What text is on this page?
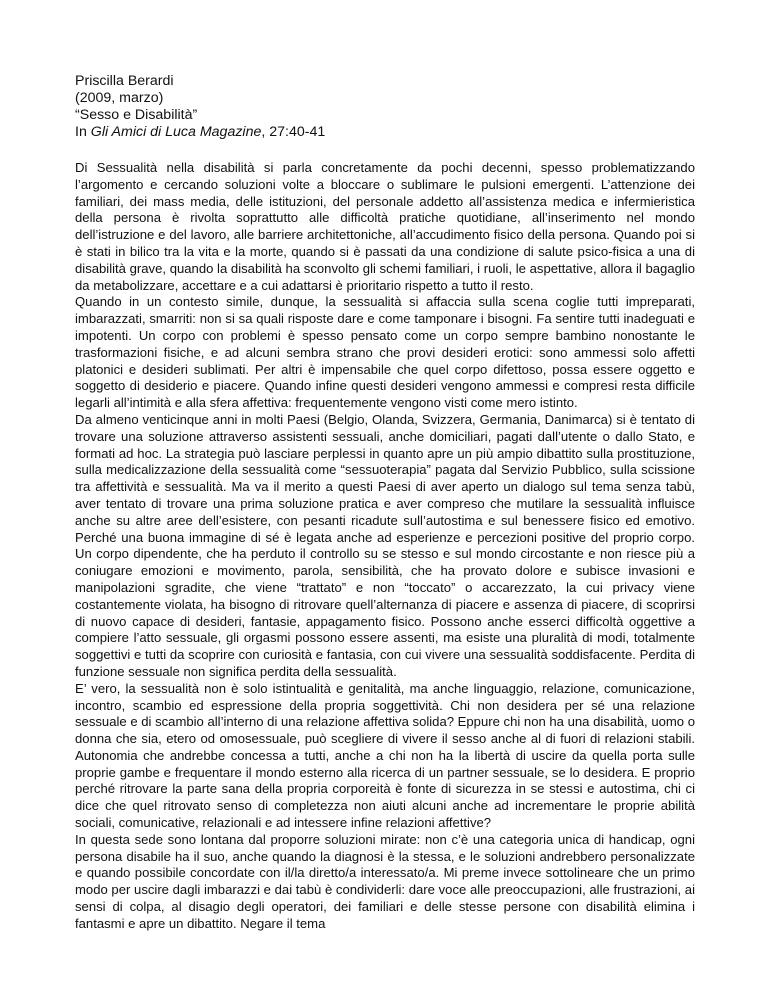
Priscilla Berardi
(2009, marzo)
“Sesso e Disabilità”
In Gli Amici di Luca Magazine, 27:40-41

Di Sessualità nella disabilità si parla concretamente da pochi decenni, spesso problematizzando l’argomento e cercando soluzioni volte a bloccare o sublimare le pulsioni emergenti. L’attenzione dei familiari, dei mass media, delle istituzioni, del personale addetto all’assistenza medica e infermieristica della persona è rivolta soprattutto alle difficoltà pratiche quotidiane, all’inserimento nel mondo dell’istruzione e del lavoro, alle barriere architettoniche, all’accudimento fisico della persona. Quando poi si è stati in bilico tra la vita e la morte, quando si è passati da una condizione di salute psico-fisica a una di disabilità grave, quando la disabilità ha sconvolto gli schemi familiari, i ruoli, le aspettative, allora il bagaglio da metabolizzare, accettare e a cui adattarsi è prioritario rispetto a tutto il resto.

Quando in un contesto simile, dunque, la sessualità si affaccia sulla scena coglie tutti impreparati, imbarazzati, smarriti: non si sa quali risposte dare e come tamponare i bisogni. Fa sentire tutti inadeguati e impotenti. Un corpo con problemi è spesso pensato come un corpo sempre bambino nonostante le trasformazioni fisiche, e ad alcuni sembra strano che provi desideri erotici: sono ammessi solo affetti platonici e desideri sublimati. Per altri è impensabile che quel corpo difettoso, possa essere oggetto e soggetto di desiderio e piacere. Quando infine questi desideri vengono ammessi e compresi resta difficile legarli all’intimità e alla sfera affettiva: frequentemente vengono visti come mero istinto.

Da almeno venticinque anni in molti Paesi (Belgio, Olanda, Svizzera, Germania, Danimarca) si è tentato di trovare una soluzione attraverso assistenti sessuali, anche domiciliari, pagati dall’utente o dallo Stato, e formati ad hoc. La strategia può lasciare perplessi in quanto apre un più ampio dibattito sulla prostituzione, sulla medicalizzazione della sessualità come “sessuoterapia” pagata dal Servizio Pubblico, sulla scissione tra affettività e sessualità. Ma va il merito a questi Paesi di aver aperto un dialogo sul tema senza tabù, aver tentato di trovare una prima soluzione pratica e aver compreso che mutilare la sessualità influisce anche su altre aree dell’esistere, con pesanti ricadute sull’autostima e sul benessere fisico ed emotivo. Perché una buona immagine di sé è legata anche ad esperienze e percezioni positive del proprio corpo. Un corpo dipendente, che ha perduto il controllo su se stesso e sul mondo circostante e non riesce più a coniugare emozioni e movimento, parola, sensibilità, che ha provato dolore e subisce invasioni e manipolazioni sgradite, che viene “trattato” e non “toccato” o accarezzato, la cui privacy viene costantemente violata, ha bisogno di ritrovare quell’alternanza di piacere e assenza di piacere, di scoprirsi di nuovo capace di desideri, fantasie, appagamento fisico. Possono anche esserci difficoltà oggettive a compiere l’atto sessuale, gli orgasmi possono essere assenti, ma esiste una pluralità di modi, totalmente soggettivi e tutti da scoprire con curiosità e fantasia, con cui vivere una sessualità soddisfacente. Perdita di funzione sessuale non significa perdita della sessualità.

E’ vero, la sessualità non è solo istintualità e genitalità, ma anche linguaggio, relazione, comunicazione, incontro, scambio ed espressione della propria soggettività. Chi non desidera per sé una relazione sessuale e di scambio all’interno di una relazione affettiva solida? Eppure chi non ha una disabilità, uomo o donna che sia, etero od omosessuale, può scegliere di vivere il sesso anche al di fuori di relazioni stabili. Autonomia che andrebbe concessa a tutti, anche a chi non ha la libertà di uscire da quella porta sulle proprie gambe e frequentare il mondo esterno alla ricerca di un partner sessuale, se lo desidera. E proprio perché ritrovare la parte sana della propria corporeità è fonte di sicurezza in se stessi e autostima, chi ci dice che quel ritrovato senso di completezza non aiuti alcuni anche ad incrementare le proprie abilità sociali, comunicative, relazionali e ad intessere infine relazioni affettive?

In questa sede sono lontana dal proporre soluzioni mirate: non c’è una categoria unica di handicap, ogni persona disabile ha il suo, anche quando la diagnosi è la stessa, e le soluzioni andrebbero personalizzate e quando possibile concordate con il/la diretto/a interessato/a. Mi preme invece sottolineare che un primo modo per uscire dagli imbarazzi e dai tabù è condividerli: dare voce alle preoccupazioni, alle frustrazioni, ai sensi di colpa, al disagio degli operatori, dei familiari e delle stesse persone con disabilità elimina i fantasmi e apre un dibattito. Negare il tema
